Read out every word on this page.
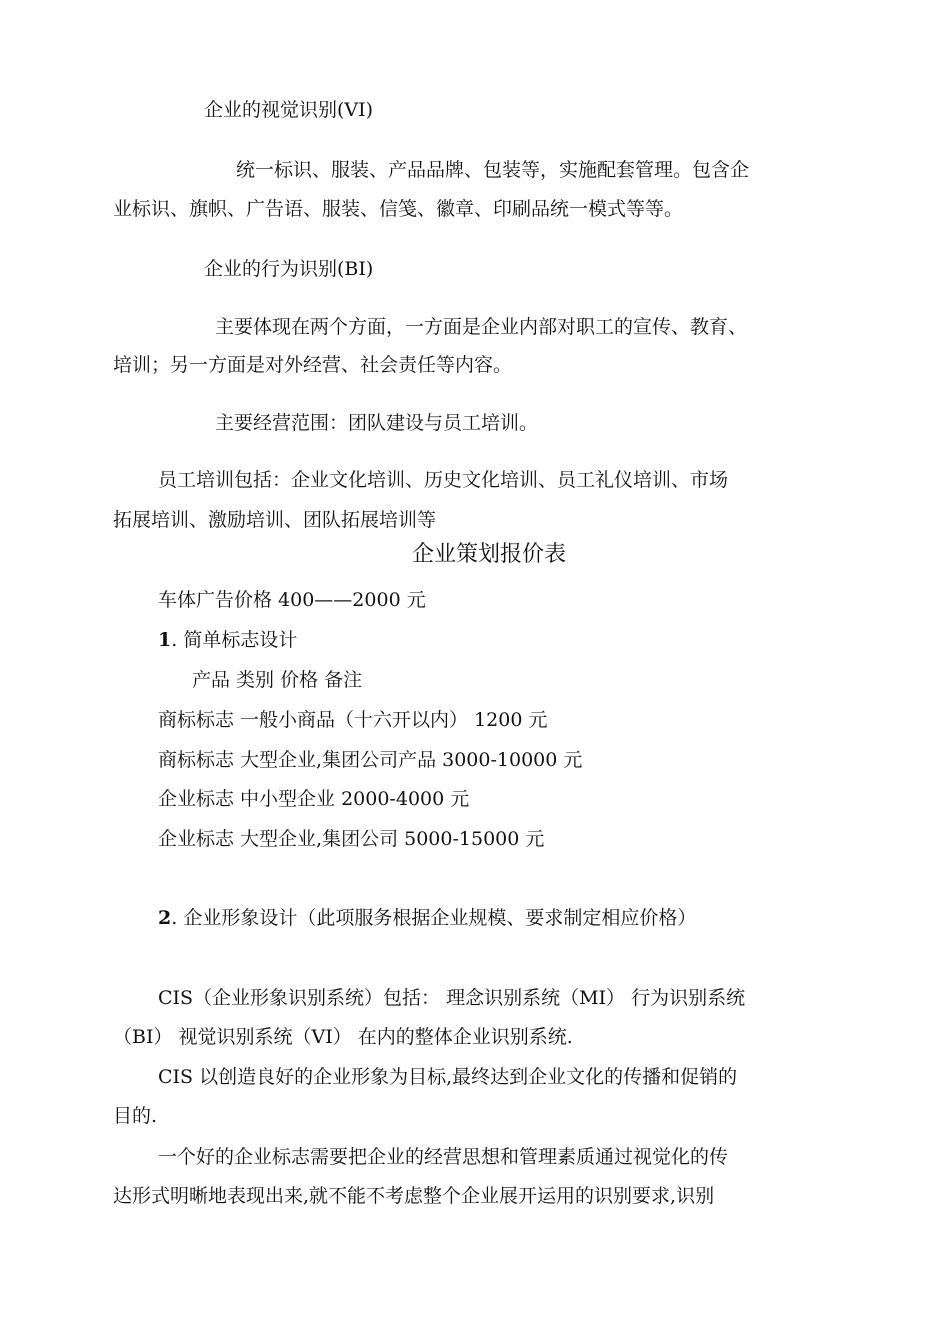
企业的视觉识别(VI)
统一标识、服装、产品品牌、包装等，实施配套管理。包含企
业标识、旗帜、广告语、服装、信笺、徽章、印刷品统一模式等等。
企业的行为识别(BI)
主要体现在两个方面，一方面是企业内部对职工的宣传、教育、
培训；另一方面是对外经营、社会责任等内容。
主要经营范围：团队建设与员工培训。
员工培训包括：企业文化培训、历史文化培训、员工礼仪培训、市场
拓展培训、激励培训、团队拓展培训等
企业策划报价表
车体广告价格 400——2000 元
1. 简单标志设计
产品 类别 价格 备注
商标标志 一般小商品（十六开以内） 1200 元
商标标志 大型企业,集团公司产品 3000-10000 元
企业标志 中小型企业 2000-4000 元
企业标志 大型企业,集团公司 5000-15000 元
2. 企业形象设计（此项服务根据企业规模、要求制定相应价格）
CIS（企业形象识别系统）包括： 理念识别系统（MI） 行为识别系统
（BI） 视觉识别系统（VI） 在内的整体企业识别系统.
CIS 以创造良好的企业形象为目标,最终达到企业文化的传播和促销的
目的.
一个好的企业标志需要把企业的经营思想和管理素质通过视觉化的传
达形式明晰地表现出来,就不能不考虑整个企业展开运用的识别要求,识别
